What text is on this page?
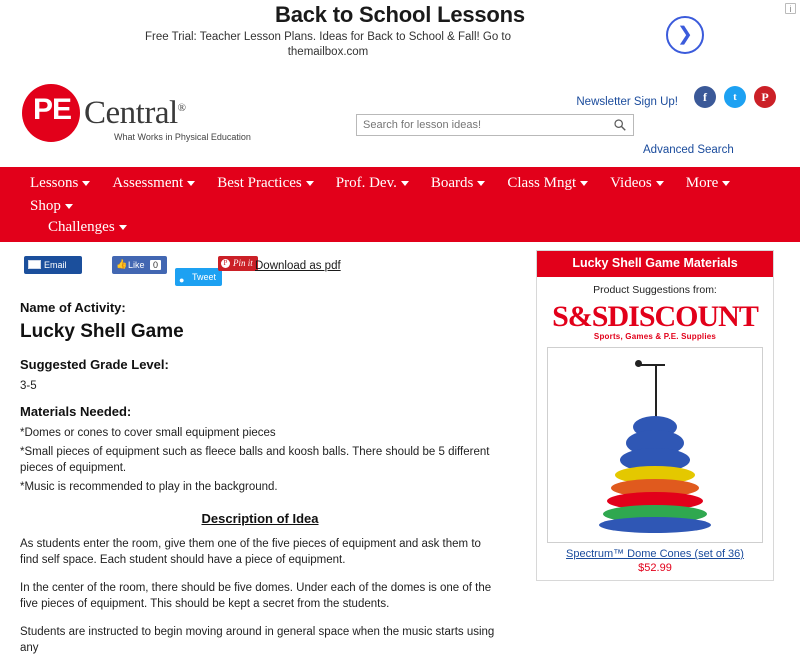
Back to School Lessons
Free Trial: Teacher Lesson Plans. Ideas for Back to School & Fall! Go to themailbox.com
❯
i
PE Central®
What Works in Physical Education
Newsletter Sign Up!	f	t	P
Search for lesson ideas!
Advanced Search
Lessons	Assessment	Best Practices	Prof. Dev.	Boards	Class Mngt	Videos	More
Shop
Challenges
Email	👍 Like 0
● Tweet
P Pin it Download as pdf
Name of Activity:
Lucky Shell Game
Suggested Grade Level:
3-5
Materials Needed:
*Domes or cones to cover small equipment pieces
*Small pieces of equipment such as fleece balls and koosh balls. There should be 5 different pieces of equipment.
*Music is recommended to play in the background.
Description of Idea

As students enter the room, give them one of the five pieces of equipment and ask them to find self space. Each student should have a piece of equipment.

In the center of the room, there should be five domes. Under each of the domes is one of the five pieces of equipment. This should be kept a secret from the students.

Students are instructed to begin moving around in general space when the music starts using any

Lucky Shell Game Materials
Product Suggestions from:
S&SDISCOUNT
Sports, Games & P.E. Supplies
Spectrum™ Dome Cones (set of 36)
$52.99
